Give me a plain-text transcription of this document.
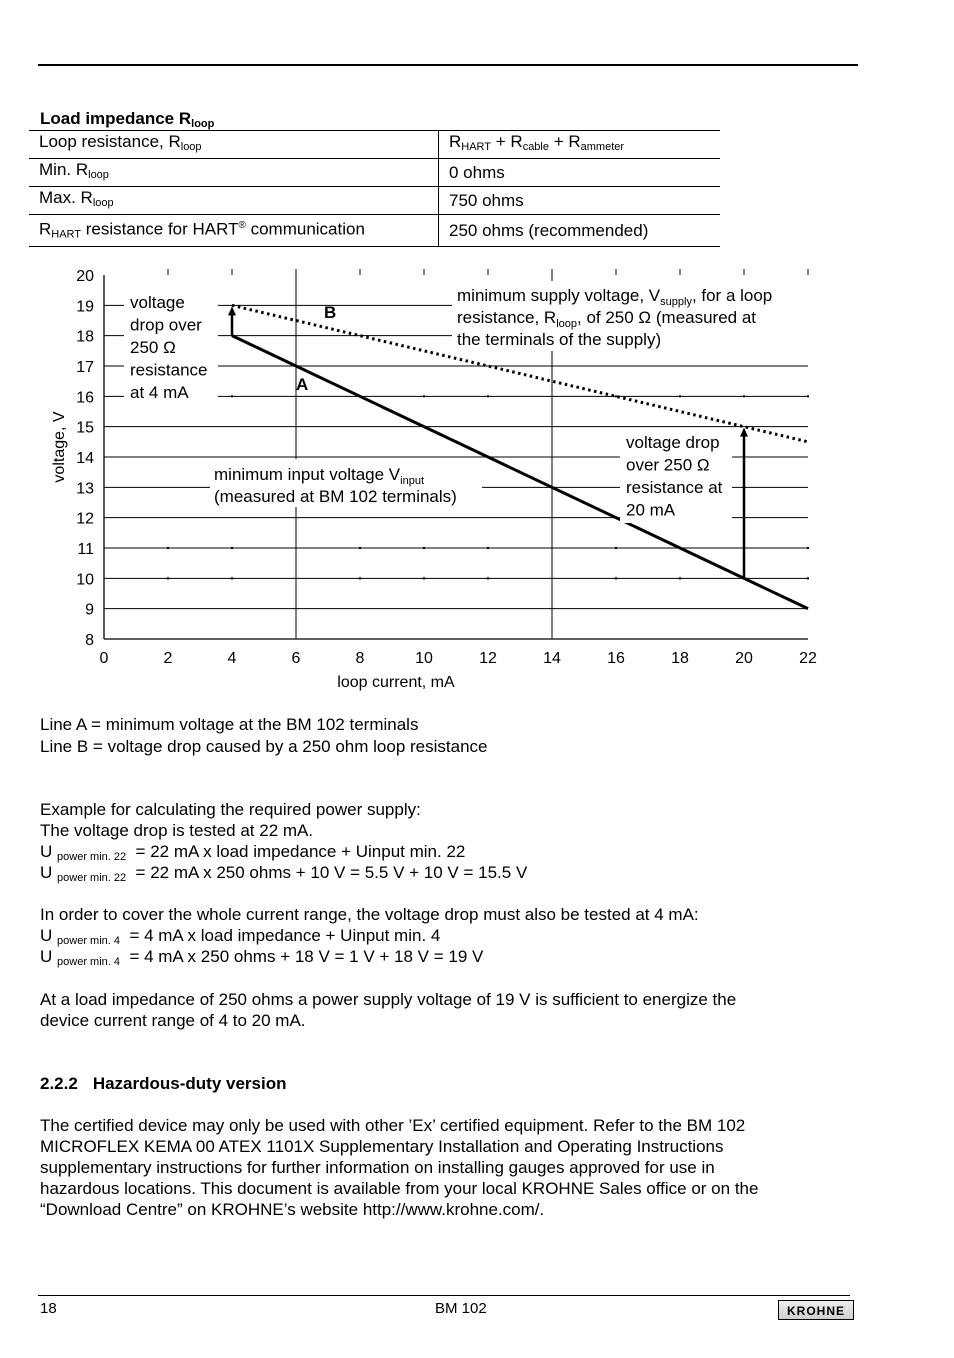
Load impedance $R_{loop}$
Loop resistance, $R_{loop}$	$R_{HART} + R_{cable} + R_{ammeter}$
Min. $R_{loop}$	0 ohms
Max. $R_{loop}$	750 ohms
$R_{HART}$ resistance for HART® communication	250 ohms (recommended)
8
9
10
11
12
13
14
15
16
17
18
19
20
0	2	4	6	8	10	12	14	16	18	20	22
loop current, mA
voltage, V
voltage
drop over
250 Ω
resistance
at 4 mA
voltage drop
over 250 Ω
resistance at
20 mA
minimum supply voltage, $V_{supply}$, for a loop
resistance, $R_{loop}$, of 250 Ω (measured at
the terminals of the supply)
minimum input voltage $V_{input}$
(measured at BM 102 terminals)
A
B
Line A = minimum voltage at the BM 102 terminals
Line B = voltage drop caused by a 250 ohm loop resistance
Example for calculating the required power supply:
The voltage drop is tested at 22 mA.
U $_{power min. 22}$  = 22 mA x load impedance + Uinput min. 22
U $_{power min. 22}$  = 22 mA x 250 ohms + 10 V = 5.5 V + 10 V = 15.5 V
In order to cover the whole current range, the voltage drop must also be tested at 4 mA:
U $_{power min. 4}$  = 4 mA x load impedance + Uinput min. 4
U $_{power min. 4}$  = 4 mA x 250 ohms + 18 V = 1 V + 18 V = 19 V
At a load impedance of 250 ohms a power supply voltage of 19 V is sufficient to energize the
device current range of 4 to 20 mA.
2.2.2 Hazardous-duty version
The certified device may only be used with other ’Ex’ certified equipment. Refer to the BM 102
MICROFLEX KEMA 00 ATEX 1101X Supplementary Installation and Operating Instructions
supplementary instructions for further information on installing gauges approved for use in
hazardous locations. This document is available from your local KROHNE Sales office or on the
“Download Centre” on KROHNE’s website http://www.krohne.com/.
18	BM 102	KROHNE
